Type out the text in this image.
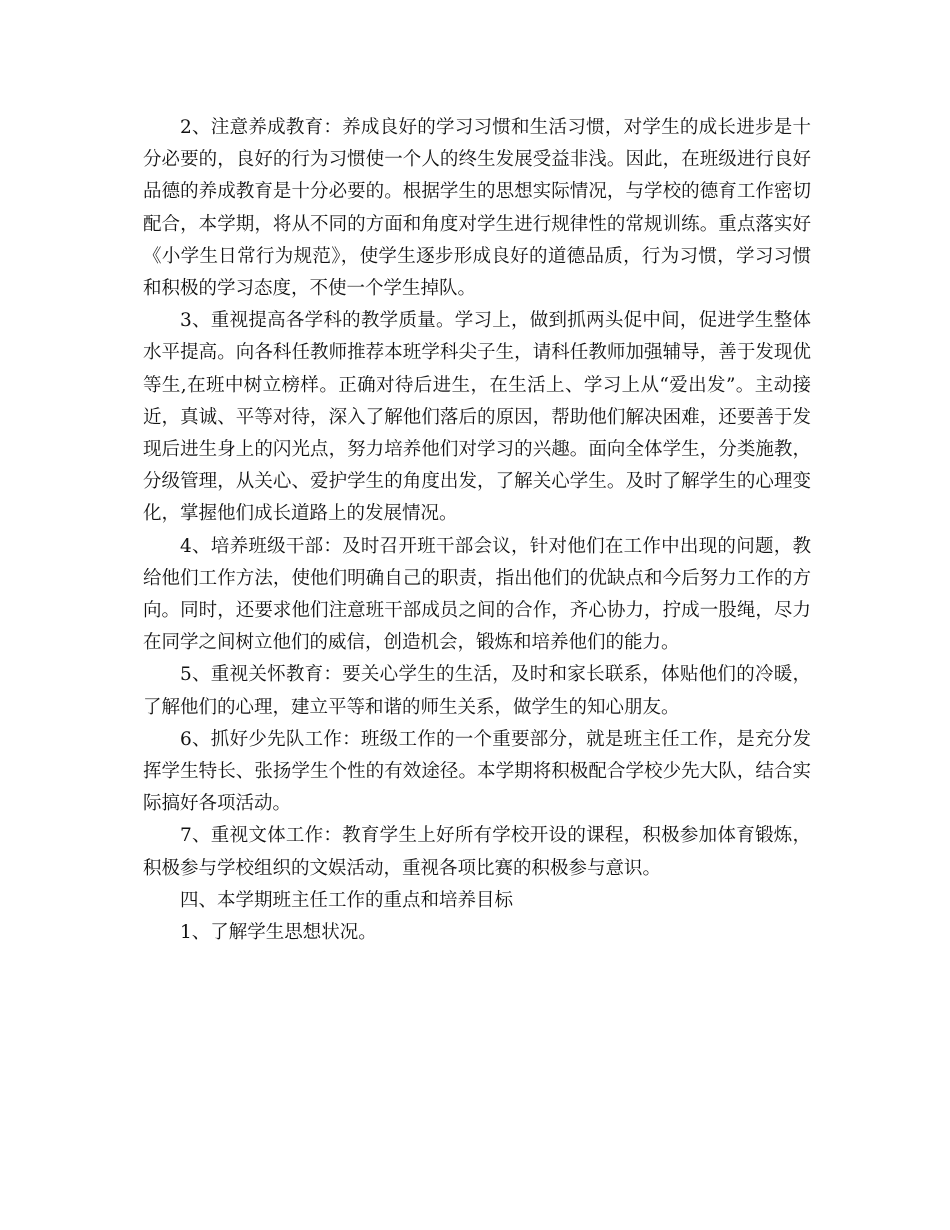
2、注意养成教育：养成良好的学习习惯和生活习惯，对学生的成长进步是十分必要的，良好的行为习惯使一个人的终生发展受益非浅。因此，在班级进行良好品德的养成教育是十分必要的。根据学生的思想实际情况，与学校的德育工作密切配合，本学期，将从不同的方面和角度对学生进行规律性的常规训练。重点落实好《小学生日常行为规范》，使学生逐步形成良好的道德品质，行为习惯，学习习惯和积极的学习态度，不使一个学生掉队。

3、重视提高各学科的教学质量。学习上，做到抓两头促中间，促进学生整体水平提高。向各科任教师推荐本班学科尖子生，请科任教师加强辅导，善于发现优等生,在班中树立榜样。正确对待后进生，在生活上、学习上从“爱出发”。主动接近，真诚、平等对待，深入了解他们落后的原因，帮助他们解决困难，还要善于发现后进生身上的闪光点，努力培养他们对学习的兴趣。面向全体学生，分类施教，分级管理，从关心、爱护学生的角度出发，了解关心学生。及时了解学生的心理变化，掌握他们成长道路上的发展情况。

4、培养班级干部：及时召开班干部会议，针对他们在工作中出现的问题，教给他们工作方法，使他们明确自己的职责，指出他们的优缺点和今后努力工作的方向。同时，还要求他们注意班干部成员之间的合作，齐心协力，拧成一股绳，尽力在同学之间树立他们的威信，创造机会，锻炼和培养他们的能力。

5、重视关怀教育：要关心学生的生活，及时和家长联系，体贴他们的冷暖，了解他们的心理，建立平等和谐的师生关系，做学生的知心朋友。

6、抓好少先队工作：班级工作的一个重要部分，就是班主任工作，是充分发挥学生特长、张扬学生个性的有效途径。本学期将积极配合学校少先大队，结合实际搞好各项活动。

7、重视文体工作：教育学生上好所有学校开设的课程，积极参加体育锻炼，积极参与学校组织的文娱活动，重视各项比赛的积极参与意识。

四、本学期班主任工作的重点和培养目标

1、了解学生思想状况。
